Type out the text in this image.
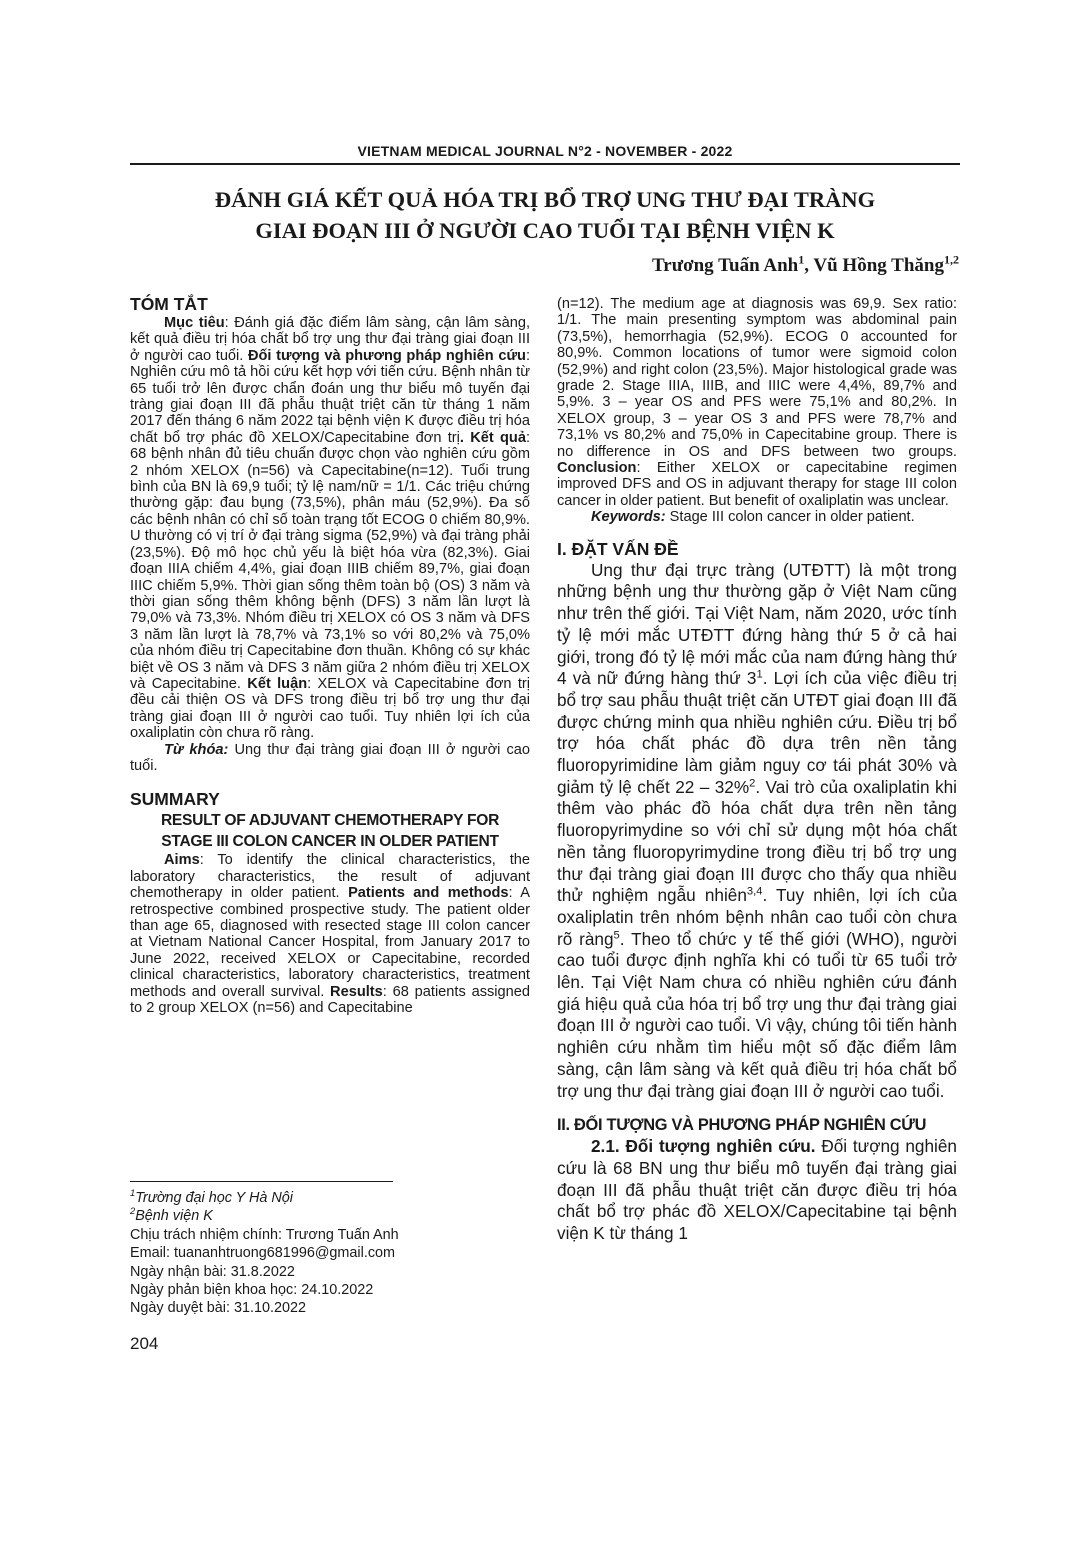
VIETNAM MEDICAL JOURNAL N°2 - NOVEMBER - 2022
ĐÁNH GIÁ KẾT QUẢ HÓA TRỊ BỔ TRỢ UNG THƯ ĐẠI TRÀNG
GIAI ĐOẠN III Ở NGƯỜI CAO TUỔI TẠI BỆNH VIỆN K
Trương Tuấn Anh$^1$, Vũ Hồng Thăng$^{1,2}$

TÓM TẮT

Mục tiêu: Đánh giá đặc điểm lâm sàng, cận lâm sàng, kết quả điều trị hóa chất bổ trợ ung thư đại tràng giai đoạn III ở người cao tuổi. Đối tượng và phương pháp nghiên cứu: Nghiên cứu mô tả hồi cứu kết hợp với tiến cứu. Bệnh nhân từ 65 tuổi trở lên được chẩn đoán ung thư biểu mô tuyến đại tràng giai đoạn III đã phẫu thuật triệt căn từ tháng 1 năm 2017 đến tháng 6 năm 2022 tại bệnh viện K được điều trị hóa chất bổ trợ phác đồ XELOX/Capecitabine đơn trị. Kết quả: 68 bệnh nhân đủ tiêu chuẩn được chọn vào nghiên cứu gồm 2 nhóm XELOX (n=56) và Capecitabine(n=12). Tuổi trung bình của BN là 69,9 tuổi; tỷ lệ nam/nữ = 1/1. Các triệu chứng thường gặp: đau bụng (73,5%), phân máu (52,9%). Đa số các bệnh nhân có chỉ số toàn trạng tốt ECOG 0 chiếm 80,9%. U thường có vị trí ở đại tràng sigma (52,9%) và đại tràng phải (23,5%). Độ mô học chủ yếu là biệt hóa vừa (82,3%). Giai đoạn IIIA chiếm 4,4%, giai đoạn IIIB chiếm 89,7%, giai đoạn IIIC chiếm 5,9%. Thời gian sống thêm toàn bộ (OS) 3 năm và thời gian sống thêm không bệnh (DFS) 3 năm lần lượt là 79,0% và 73,3%. Nhóm điều trị XELOX có OS 3 năm và DFS 3 năm lần lượt là 78,7% và 73,1% so với 80,2% và 75,0% của nhóm điều trị Capecitabine đơn thuần. Không có sự khác biệt về OS 3 năm và DFS 3 năm giữa 2 nhóm điều trị XELOX và Capecitabine. Kết luận: XELOX và Capecitabine đơn trị đều cải thiện OS và DFS trong điều trị bổ trợ ung thư đại tràng giai đoạn III ở người cao tuổi. Tuy nhiên lợi ích của oxaliplatin còn chưa rõ ràng.

Từ khóa: Ung thư đại tràng giai đoạn III ở người cao tuổi.

SUMMARY

RESULT OF ADJUVANT CHEMOTHERAPY FOR

STAGE III COLON CANCER IN OLDER PATIENT

Aims: To identify the clinical characteristics, the laboratory characteristics, the result of adjuvant chemotherapy in older patient. Patients and methods: A retrospective combined prospective study. The patient older than age 65, diagnosed with resected stage III colon cancer at Vietnam National Cancer Hospital, from January 2017 to June 2022, received XELOX or Capecitabine, recorded clinical characteristics, laboratory characteristics, treatment methods and overall survival. Results: 68 patients assigned to 2 group XELOX (n=56) and Capecitabine

$^1$Trường đại học Y Hà Nội
$^2$Bệnh viện K
Chịu trách nhiệm chính: Trương Tuấn Anh
Email: tuananhtruong681996@gmail.com
Ngày nhận bài: 31.8.2022
Ngày phản biện khoa học: 24.10.2022
Ngày duyệt bài: 31.10.2022
204

(n=12). The medium age at diagnosis was 69,9. Sex ratio: 1/1. The main presenting symptom was abdominal pain (73,5%), hemorrhagia (52,9%). ECOG 0 accounted for 80,9%. Common locations of tumor were sigmoid colon (52,9%) and right colon (23,5%). Major histological grade was grade 2. Stage IIIA, IIIB, and IIIC were 4,4%, 89,7% and 5,9%. 3 – year OS and PFS were 75,1% and 80,2%. In XELOX group, 3 – year OS 3 and PFS were 78,7% and 73,1% vs 80,2% and 75,0% in Capecitabine group. There is no difference in OS and DFS between two groups. Conclusion: Either XELOX or capecitabine regimen improved DFS and OS in adjuvant therapy for stage III colon cancer in older patient. But benefit of oxaliplatin was unclear.

Keywords: Stage III colon cancer in older patient.

I. ĐẶT VẤN ĐỀ

Ung thư đại trực tràng (UTĐTT) là một trong những bệnh ung thư thường gặp ở Việt Nam cũng như trên thế giới. Tại Việt Nam, năm 2020, ước tính tỷ lệ mới mắc UTĐTT đứng hàng thứ 5 ở cả hai giới, trong đó tỷ lệ mới mắc của nam đứng hàng thứ 4 và nữ đứng hàng thứ $3^1$. Lợi ích của việc điều trị bổ trợ sau phẫu thuật triệt căn UTĐT giai đoạn III đã được chứng minh qua nhiều nghiên cứu. Điều trị bổ trợ hóa chất phác đồ dựa trên nền tảng fluoropyrimidine làm giảm nguy cơ tái phát 30% và giảm tỷ lệ chết 22 – 32%$^2$. Vai trò của oxaliplatin khi thêm vào phác đồ hóa chất dựa trên nền tảng fluoropyrimydine so với chỉ sử dụng một hóa chất nền tảng fluoropyrimydine trong điều trị bổ trợ ung thư đại tràng giai đoạn III được cho thấy qua nhiều thử nghiệm ngẫu nhiên$^{3,4}$. Tuy nhiên, lợi ích của oxaliplatin trên nhóm bệnh nhân cao tuổi còn chưa rõ ràng$^5$. Theo tổ chức y tế thế giới (WHO), người cao tuổi được định nghĩa khi có tuổi từ 65 tuổi trở lên. Tại Việt Nam chưa có nhiều nghiên cứu đánh giá hiệu quả của hóa trị bổ trợ ung thư đại tràng giai đoạn III ở người cao tuổi. Vì vậy, chúng tôi tiến hành nghiên cứu nhằm tìm hiểu một số đặc điểm lâm sàng, cận lâm sàng và kết quả điều trị hóa chất bổ trợ ung thư đại tràng giai đoạn III ở người cao tuổi.

II. ĐỐI TƯỢNG VÀ PHƯƠNG PHÁP NGHIÊN CỨU

2.1. Đối tượng nghiên cứu. Đối tượng nghiên cứu là 68 BN ung thư biểu mô tuyến đại tràng giai đoạn III đã phẫu thuật triệt căn được điều trị hóa chất bổ trợ phác đồ XELOX/Capecitabine tại bệnh viện K từ tháng 1
